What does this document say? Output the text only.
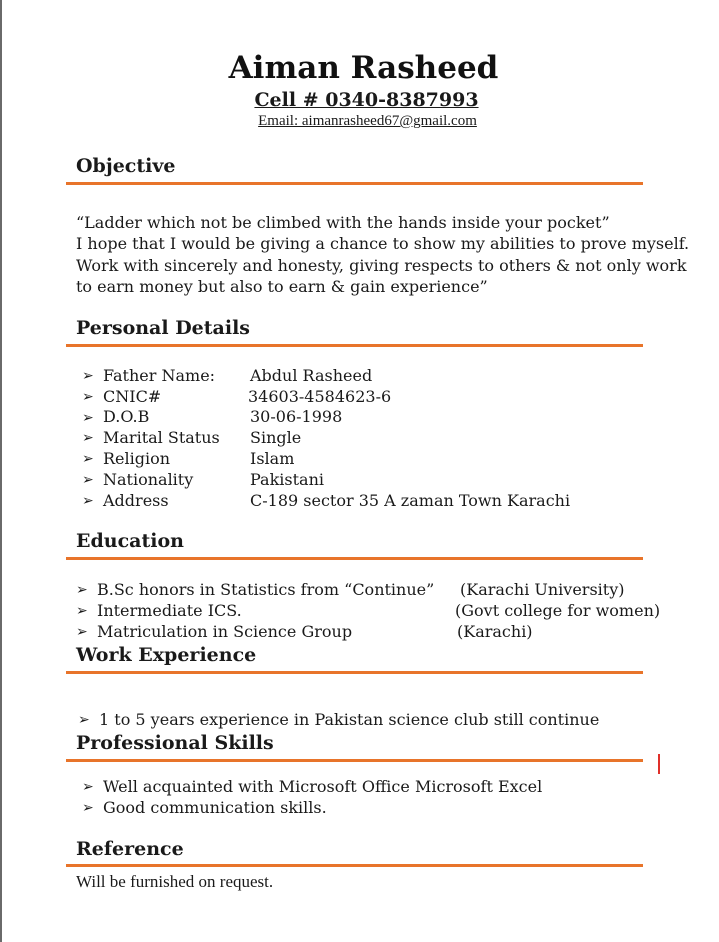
Aiman Rasheed
Cell # 0340-8387993
Email: aimanrasheed67@gmail.com
Objective
“Ladder which not be climbed with the hands inside your pocket”
I hope that I would be giving a chance to show my abilities to prove myself.
Work with sincerely and honesty, giving respects to others & not only work
to earn money but also to earn & gain experience”
Personal Details
➢ Father Name: Abdul Rasheed
➢ CNIC#	34603-4584623-6
➢ D.O.B	30-06-1998
➢ Marital Status Single
➢ Religion	Islam
➢ Nationality	Pakistani
➢ Address	C-189 sector 35 A zaman Town Karachi
Education
➢ B.Sc honors in Statistics from “Continue” (Karachi University)
➢ Intermediate ICS.	(Govt college for women)
➢ Matriculation in Science Group	(Karachi)
Work Experience
➢ 1 to 5 years experience in Pakistan science club still continue
Professional Skills
➢ Well acquainted with Microsoft Office Microsoft Excel
➢ Good communication skills.
Reference
Will be furnished on request.
